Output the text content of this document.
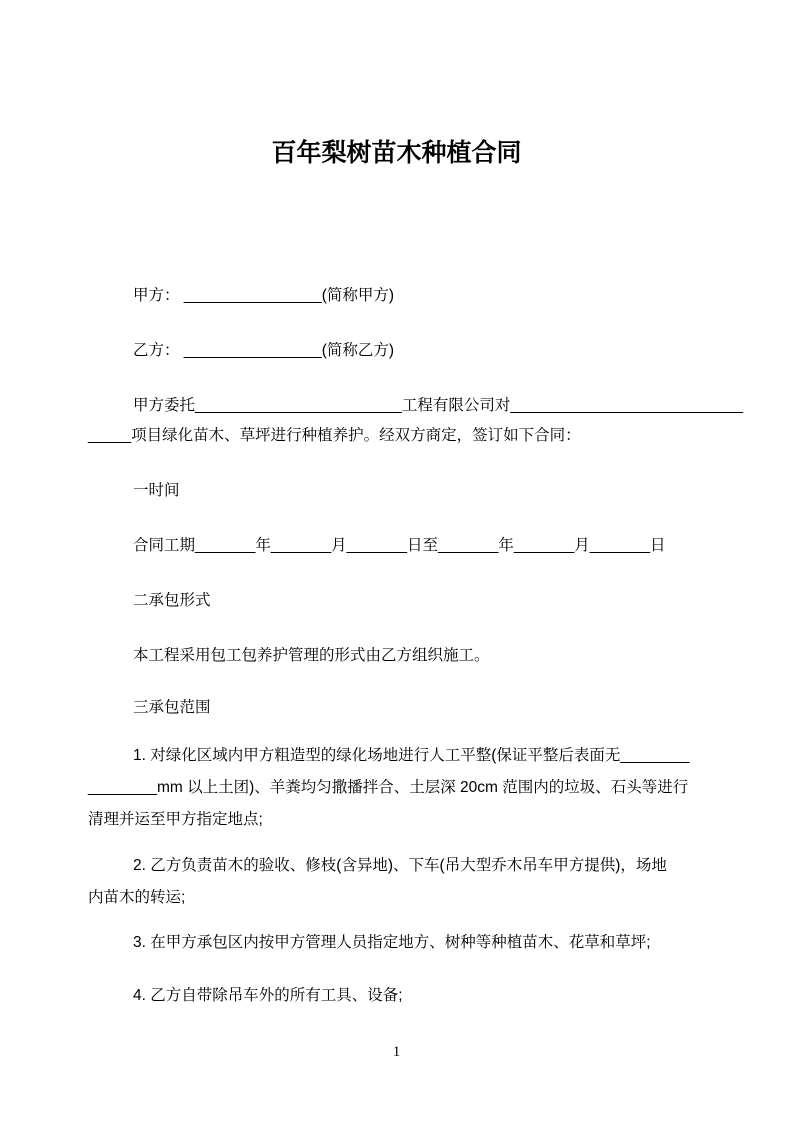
百年梨树苗木种植合同
甲方： ________________(简称甲方)
乙方： ________________(简称乙方)
甲方委托________________________工程有限公司对___________________________
_____项目绿化苗木、草坪进行种植养护。经双方商定，签订如下合同：
一时间
合同工期_______年_______月_______日至_______年_______月_______日
二承包形式
本工程采用包工包养护管理的形式由乙方组织施工。
三承包范围
1. 对绿化区域内甲方粗造型的绿化场地进行人工平整(保证平整后表面无________
________mm 以上土团)、羊粪均匀撒播拌合、土层深 20cm 范围内的垃圾、石头等进行
清理并运至甲方指定地点;
2. 乙方负责苗木的验收、修枝(含异地)、下车(吊大型乔木吊车甲方提供)，场地
内苗木的转运;
3. 在甲方承包区内按甲方管理人员指定地方、树种等种植苗木、花草和草坪;
4. 乙方自带除吊车外的所有工具、设备;
1
